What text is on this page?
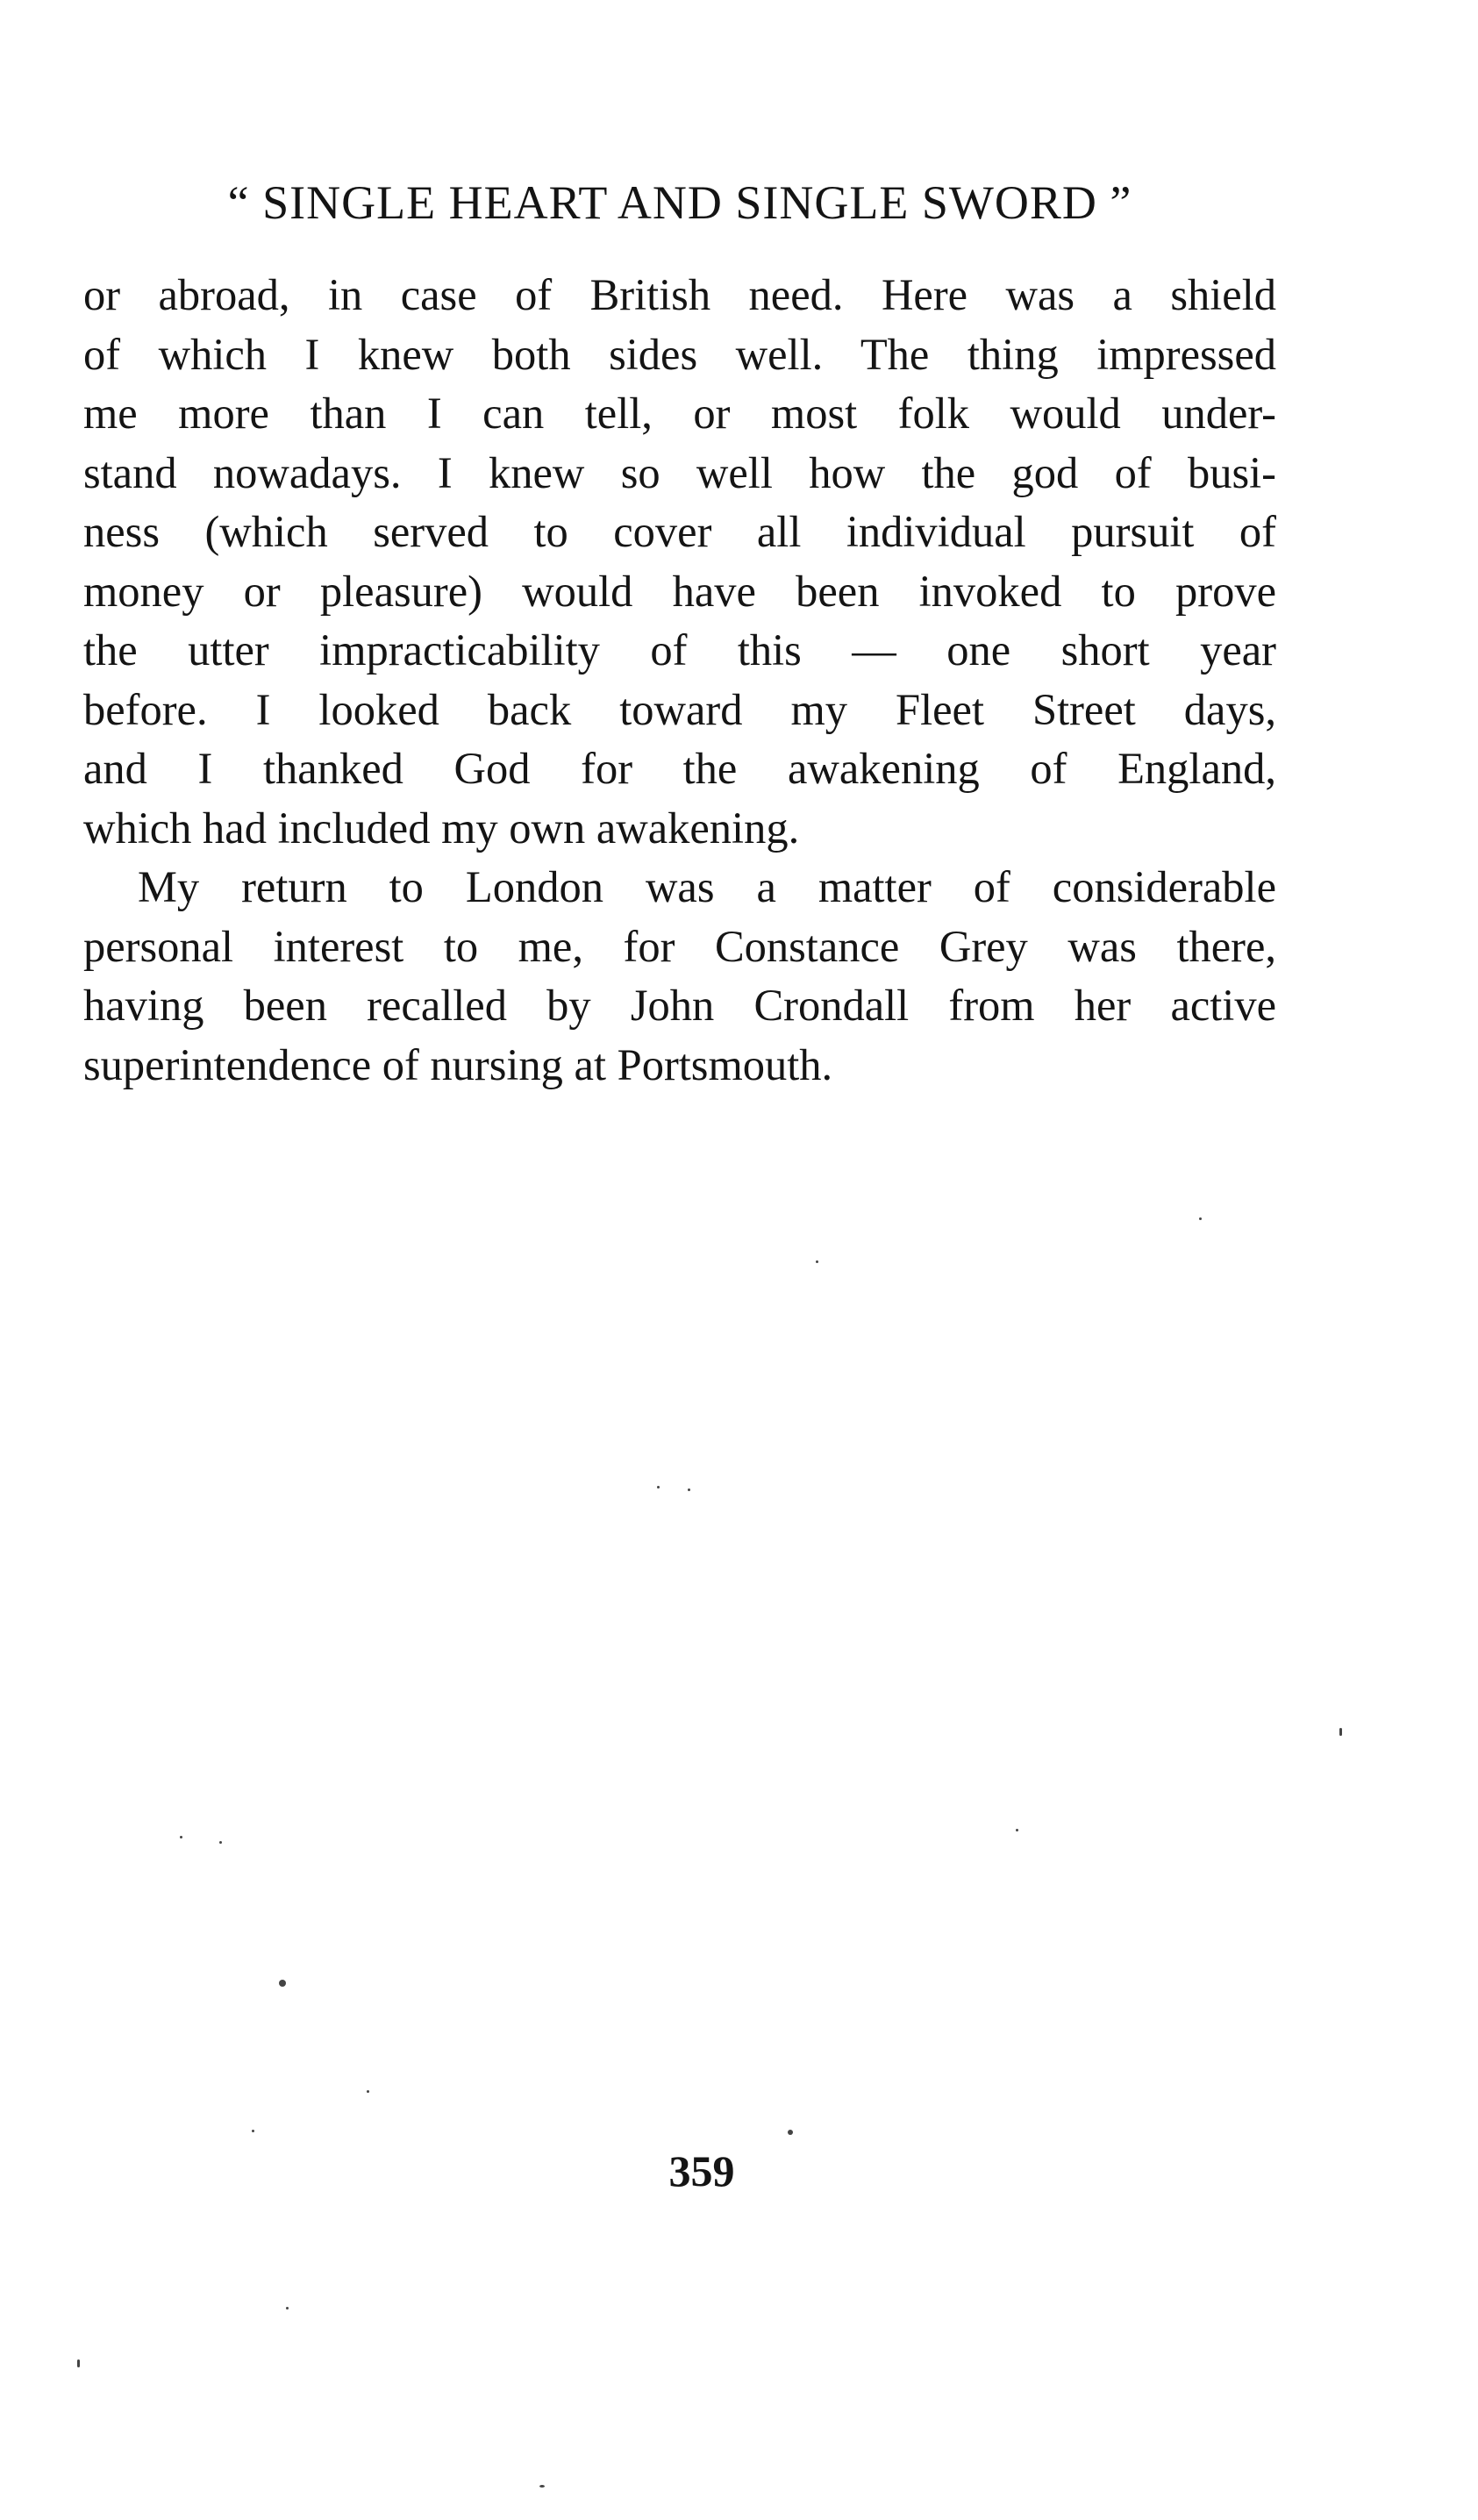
“ SINGLE HEART AND SINGLE SWORD ”
or abroad, in case of British need. Here was a shield
of which I knew both sides well. The thing impressed
me more than I can tell, or most folk would under-
stand nowadays. I knew so well how the god of busi-
ness (which served to cover all individual pursuit of
money or pleasure) would have been invoked to prove
the utter impracticability of this — one short year
before. I looked back toward my Fleet Street days,
and I thanked God for the awakening of England,
which had included my own awakening.
My return to London was a matter of considerable
personal interest to me, for Constance Grey was there,
having been recalled by John Crondall from her active
superintendence of nursing at Portsmouth.
359
